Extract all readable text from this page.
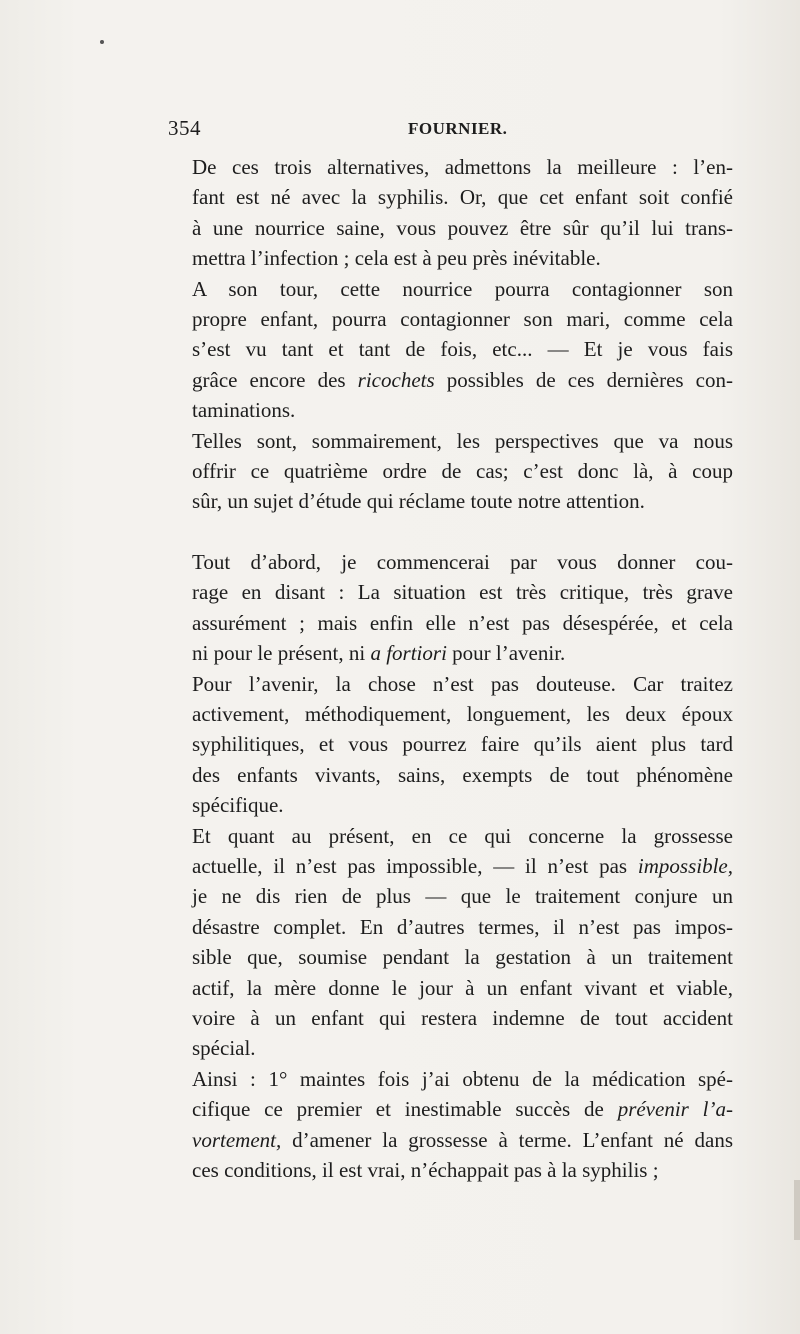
354	FOURNIER.

De ces trois alternatives, admettons la meilleure : l’en-
fant est né avec la syphilis. Or, que cet enfant soit confié
à une nourrice saine, vous pouvez être sûr qu’il lui trans-
mettra l’infection ; cela est à peu près inévitable.

A son tour, cette nourrice pourra contagionner son
propre enfant, pourra contagionner son mari, comme cela
s’est vu tant et tant de fois, etc... — Et je vous fais
grâce encore des ricochets possibles de ces dernières con-
taminations.

Telles sont, sommairement, les perspectives que va nous
offrir ce quatrième ordre de cas; c’est donc là, à coup
sûr, un sujet d’étude qui réclame toute notre attention.

Tout d’abord, je commencerai par vous donner cou-
rage en disant : La situation est très critique, très grave
assurément ; mais enfin elle n’est pas désespérée, et cela
ni pour le présent, ni a fortiori pour l’avenir.

Pour l’avenir, la chose n’est pas douteuse. Car traitez
activement, méthodiquement, longuement, les deux époux
syphilitiques, et vous pourrez faire qu’ils aient plus tard
des enfants vivants, sains, exempts de tout phénomène
spécifique.

Et quant au présent, en ce qui concerne la grossesse
actuelle, il n’est pas impossible, — il n’est pas impossible,
je ne dis rien de plus — que le traitement conjure un
désastre complet. En d’autres termes, il n’est pas impos-
sible que, soumise pendant la gestation à un traitement
actif, la mère donne le jour à un enfant vivant et viable,
voire à un enfant qui restera indemne de tout accident
spécial.

Ainsi : 1° maintes fois j’ai obtenu de la médication spé-
cifique ce premier et inestimable succès de prévenir l’a-
vortement, d’amener la grossesse à terme. L’enfant né dans
ces conditions, il est vrai, n’échappait pas à la syphilis ;
